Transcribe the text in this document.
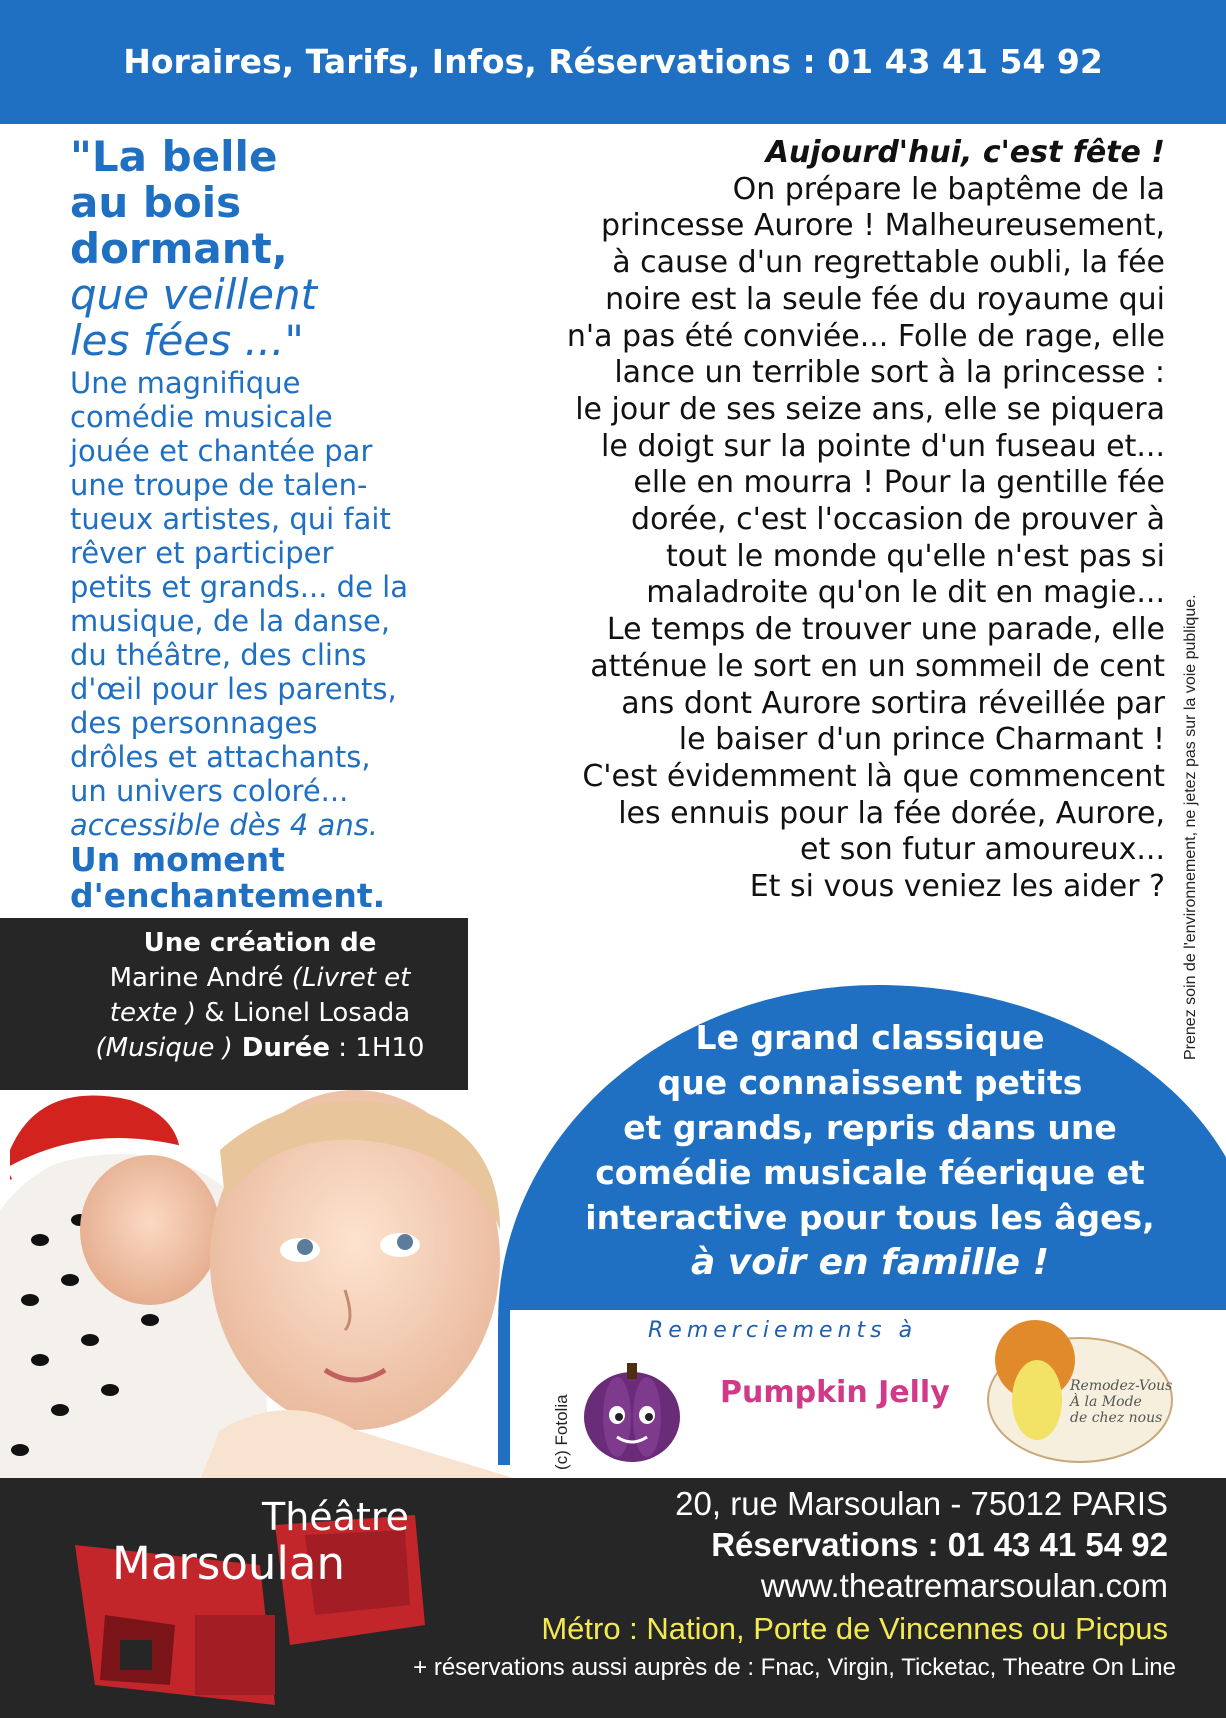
Horaires, Tarifs, Infos, Réservations : 01 43 41 54 92
"La belle
au bois
dormant,
que veillent
les fées ..."
Une magnifique
comédie musicale
jouée et chantée par
une troupe de talen-
tueux artistes, qui fait
rêver et participer
petits et grands... de la
musique, de la danse,
du théâtre, des clins
d'œil pour les parents,
des personnages
drôles et attachants,
un univers coloré...
accessible dès 4 ans.
Un moment
d'enchantement.
Aujourd'hui, c'est fête !
On prépare le baptême de la
princesse Aurore ! Malheureusement,
à cause d'un regrettable oubli, la fée
noire est la seule fée du royaume qui
n'a pas été conviée... Folle de rage, elle
lance un terrible sort à la princesse :
le jour de ses seize ans, elle se piquera
le doigt sur la pointe d'un fuseau et...
elle en mourra ! Pour la gentille fée
dorée, c'est l'occasion de prouver à
tout le monde qu'elle n'est pas si
maladroite qu'on le dit en magie...
Le temps de trouver une parade, elle
atténue le sort en un sommeil de cent
ans dont Aurore sortira réveillée par
le baiser d'un prince Charmant !
C'est évidemment là que commencent
les ennuis pour la fée dorée, Aurore,
et son futur amoureux...
Et si vous veniez les aider ? Prenez soin de l'environnement, ne jetez pas sur la voie publique.
Une création de
Marine André (Livret et
texte ) & Lionel Losada
(Musique ) Durée : 1H10	Le grand classique
que connaissent petits
et grands, repris dans une
comédie musicale féerique et
interactive pour tous les âges,
à voir en famille !
Remerciements à
(c) Fotolia
Pumpkin Jelly	Remodez-Vous
À la Mode
de chez nous
Théâtre
Marsoulan
20, rue Marsoulan - 75012 PARIS
Réservations : 01 43 41 54 92
www.theatremarsoulan.com
Métro : Nation, Porte de Vincennes ou Picpus
+ réservations aussi auprès de : Fnac, Virgin, Ticketac, Theatre On Line
